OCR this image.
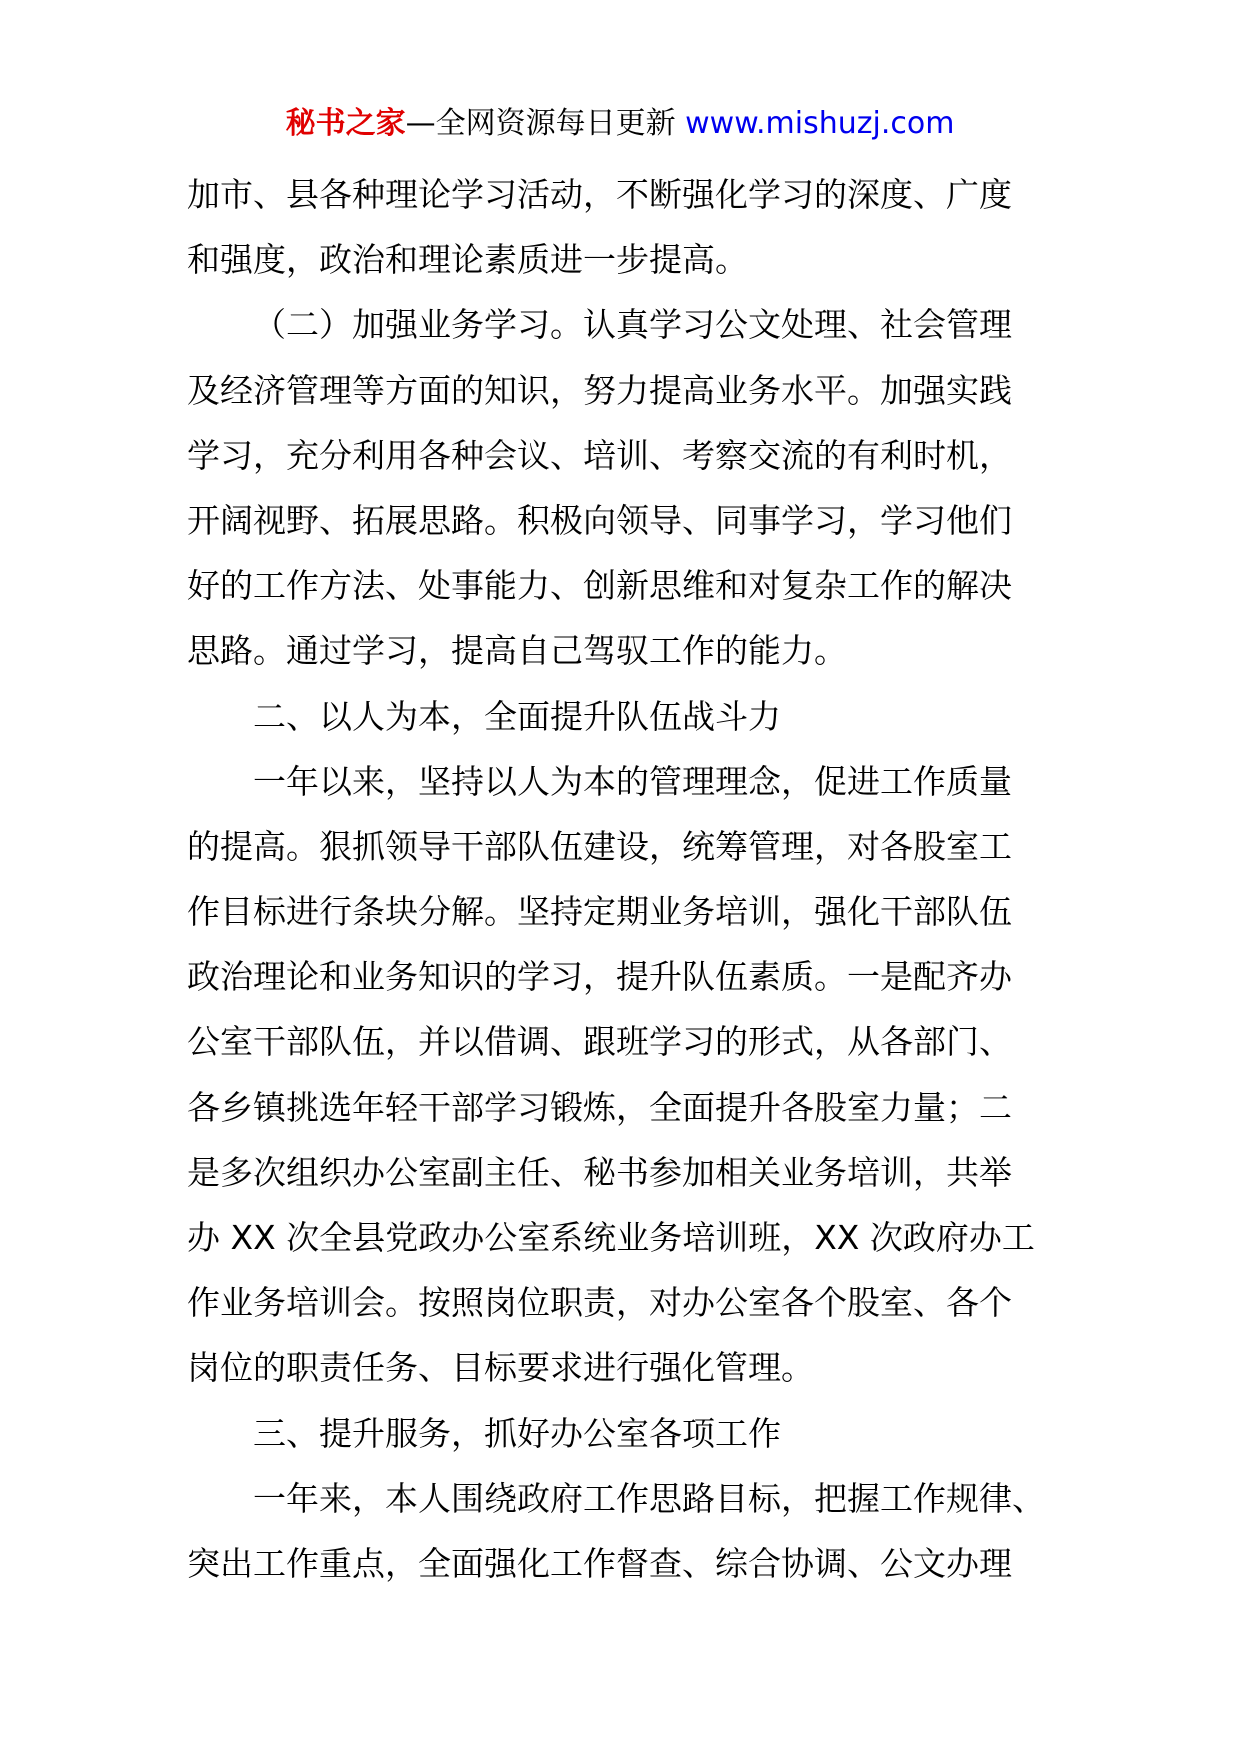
秘书之家—全网资源每日更新 www.mishuzj.com
加市、县各种理论学习活动，不断强化学习的深度、广度
和强度，政治和理论素质进一步提高。
（二）加强业务学习。认真学习公文处理、社会管理
及经济管理等方面的知识，努力提高业务水平。加强实践
学习，充分利用各种会议、培训、考察交流的有利时机，
开阔视野、拓展思路。积极向领导、同事学习，学习他们
好的工作方法、处事能力、创新思维和对复杂工作的解决
思路。通过学习，提高自己驾驭工作的能力。
二、以人为本，全面提升队伍战斗力
一年以来，坚持以人为本的管理理念，促进工作质量
的提高。狠抓领导干部队伍建设，统筹管理，对各股室工
作目标进行条块分解。坚持定期业务培训，强化干部队伍
政治理论和业务知识的学习，提升队伍素质。一是配齐办
公室干部队伍，并以借调、跟班学习的形式，从各部门、
各乡镇挑选年轻干部学习锻炼，全面提升各股室力量；二
是多次组织办公室副主任、秘书参加相关业务培训，共举
办 XX 次全县党政办公室系统业务培训班，XX 次政府办工
作业务培训会。按照岗位职责，对办公室各个股室、各个
岗位的职责任务、目标要求进行强化管理。
三、提升服务，抓好办公室各项工作
一年来，本人围绕政府工作思路目标，把握工作规律、
突出工作重点，全面强化工作督查、综合协调、公文办理
